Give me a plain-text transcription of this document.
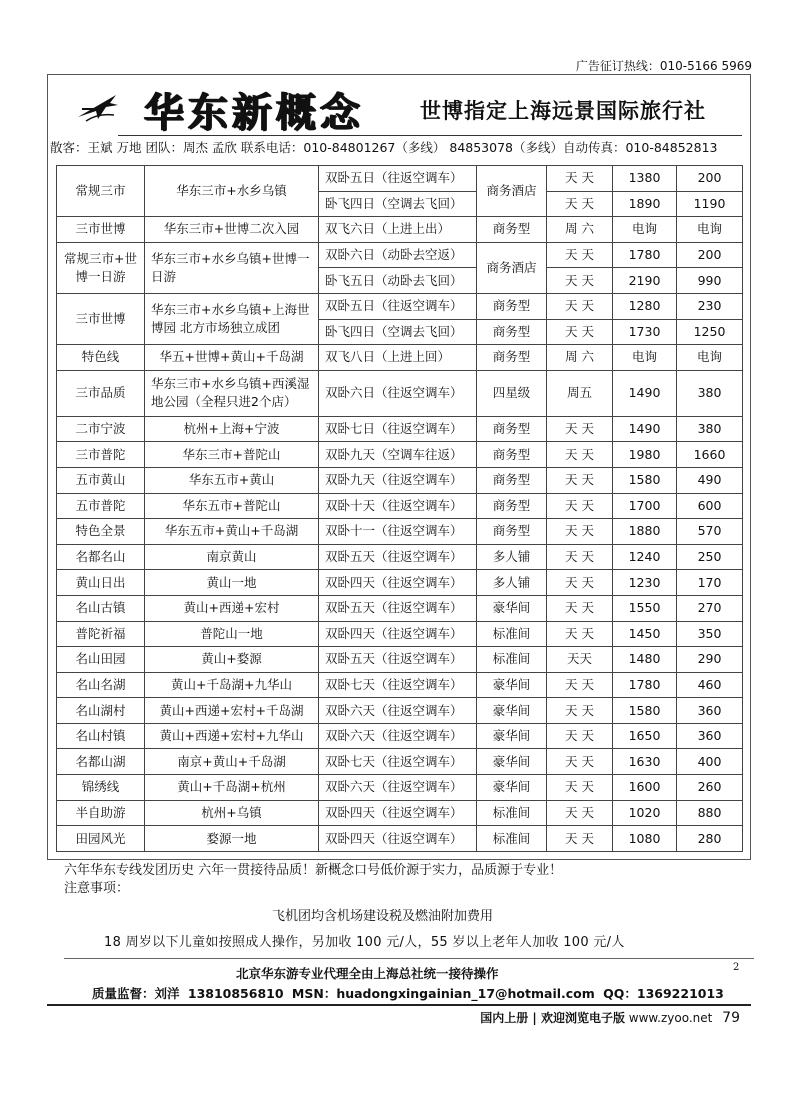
广告征订热线：010-5166 5969
华东新概念	世博指定上海远景国际旅行社
散客：王斌 万地 团队：周杰 孟欣 联系电话：010-84801267（多线） 84853078（多线）自动传真：010-84852813
常规三市	华东三市+水乡乌镇	双卧五日（往返空调车）	商务酒店	天 天	1380	200
		卧飞四日（空调去飞回）		天 天	1890	1190
三市世博	华东三市+世博二次入园	双飞六日（上进上出）	商务型	周 六	电询	电询
常规三市+世博一日游	华东三市+水乡乌镇+世博一日游	双卧六日（动卧去空返）	商务酒店	天 天	1780	200
		卧飞五日（动卧去飞回）		天 天	2190	990
三市世博	华东三市+水乡乌镇+上海世博园 北方市场独立成团	双卧五日（往返空调车）	商务型	天 天	1280	230
		卧飞四日（空调去飞回）	商务型	天 天	1730	1250
特色线	华五+世博+黄山+千岛湖	双飞八日（上进上回）	商务型	周 六	电询	电询
三市品质	华东三市+水乡乌镇+西溪湿地公园（全程只进2个店）	双卧六日（往返空调车）	四星级	周五	1490	380
二市宁波	杭州+上海+宁波	双卧七日（往返空调车）	商务型	天 天	1490	380
三市普陀	华东三市+普陀山	双卧九天（空调车往返）	商务型	天 天	1980	1660
五市黄山	华东五市+黄山	双卧九天（往返空调车）	商务型	天 天	1580	490
五市普陀	华东五市+普陀山	双卧十天（往返空调车）	商务型	天 天	1700	600
特色全景	华东五市+黄山+千岛湖	双卧十一（往返空调车）	商务型	天 天	1880	570
名都名山	南京黄山	双卧五天（往返空调车）	多人铺	天 天	1240	250
黄山日出	黄山一地	双卧四天（往返空调车）	多人铺	天 天	1230	170
名山古镇	黄山+西递+宏村	双卧五天（往返空调车）	豪华间	天 天	1550	270
普陀祈福	普陀山一地	双卧四天（往返空调车）	标准间	天 天	1450	350
名山田园	黄山+婺源	双卧五天（往返空调车）	标准间	天天	1480	290
名山名湖	黄山+千岛湖+九华山	双卧七天（往返空调车）	豪华间	天 天	1780	460
名山湖村	黄山+西递+宏村+千岛湖	双卧六天（往返空调车）	豪华间	天 天	1580	360
名山村镇	黄山+西递+宏村+九华山	双卧六天（往返空调车）	豪华间	天 天	1650	360
名都山湖	南京+黄山+千岛湖	双卧七天（往返空调车）	豪华间	天 天	1630	400
锦绣线	黄山+千岛湖+杭州	双卧六天（往返空调车）	豪华间	天 天	1600	260
半自助游	杭州+乌镇	双卧四天（往返空调车）	标准间	天 天	1020	880
田园风光	婺源一地	双卧四天（往返空调车）	标准间	天 天	1080	280
六年华东专线发团历史 六年一贯接待品质！新概念口号低价源于实力，品质源于专业！
注意事项：
飞机团均含机场建设税及燃油附加费用
18 周岁以下儿童如按照成人操作，另加收 100 元/人，55 岁以上老年人加收 100 元/人
2
北京华东游专业代理全由上海总社统一接待操作
质量监督：刘洋 13810856810 MSN：huadongxingainian_17@hotmail.com QQ：1369221013
国内上册 | 欢迎浏览电子版 www.zyoo.net 79
